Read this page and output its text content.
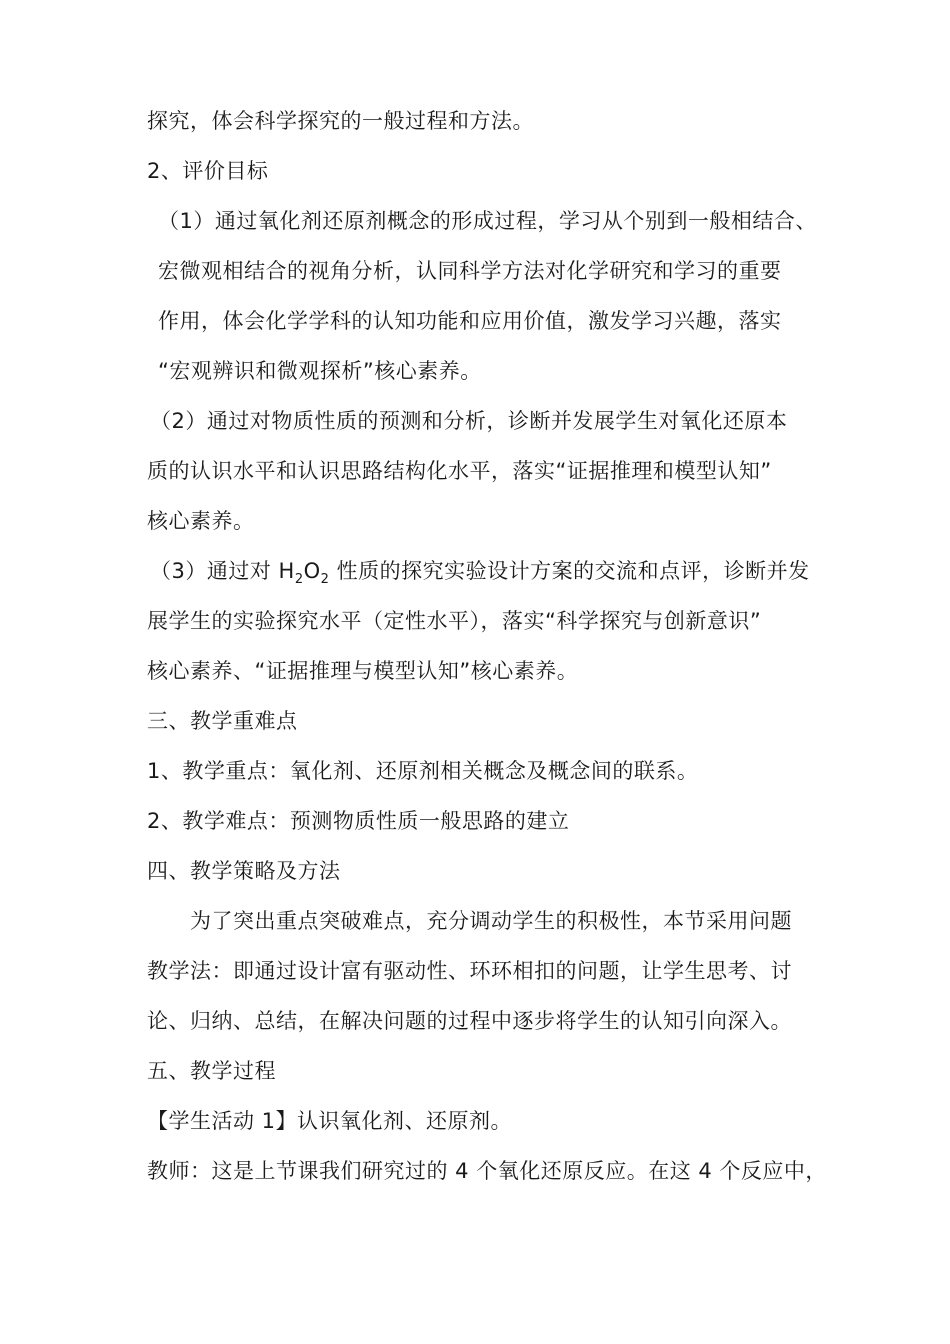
探究，体会科学探究的一般过程和方法。
2、评价目标
（1）通过氧化剂还原剂概念的形成过程，学习从个别到一般相结合、
宏微观相结合的视角分析，认同科学方法对化学研究和学习的重要
作用，体会化学学科的认知功能和应用价值，激发学习兴趣，落实
“宏观辨识和微观探析”核心素养。
（2）通过对物质性质的预测和分析，诊断并发展学生对氧化还原本
质的认识水平和认识思路结构化水平，落实“证据推理和模型认知”
核心素养。
（3）通过对 $H_2O_2$ 性质的探究实验设计方案的交流和点评，诊断并发
展学生的实验探究水平（定性水平），落实“科学探究与创新意识”
核心素养、“证据推理与模型认知”核心素养。
三、教学重难点
1、教学重点：氧化剂、还原剂相关概念及概念间的联系。
2、教学难点：预测物质性质一般思路的建立
四、教学策略及方法
为了突出重点突破难点，充分调动学生的积极性，本节采用问题
教学法：即通过设计富有驱动性、环环相扣的问题，让学生思考、讨
论、归纳、总结，在解决问题的过程中逐步将学生的认知引向深入。
五、教学过程
【学生活动 1】认识氧化剂、还原剂。
教师：这是上节课我们研究过的 4 个氧化还原反应。在这 4 个反应中，
